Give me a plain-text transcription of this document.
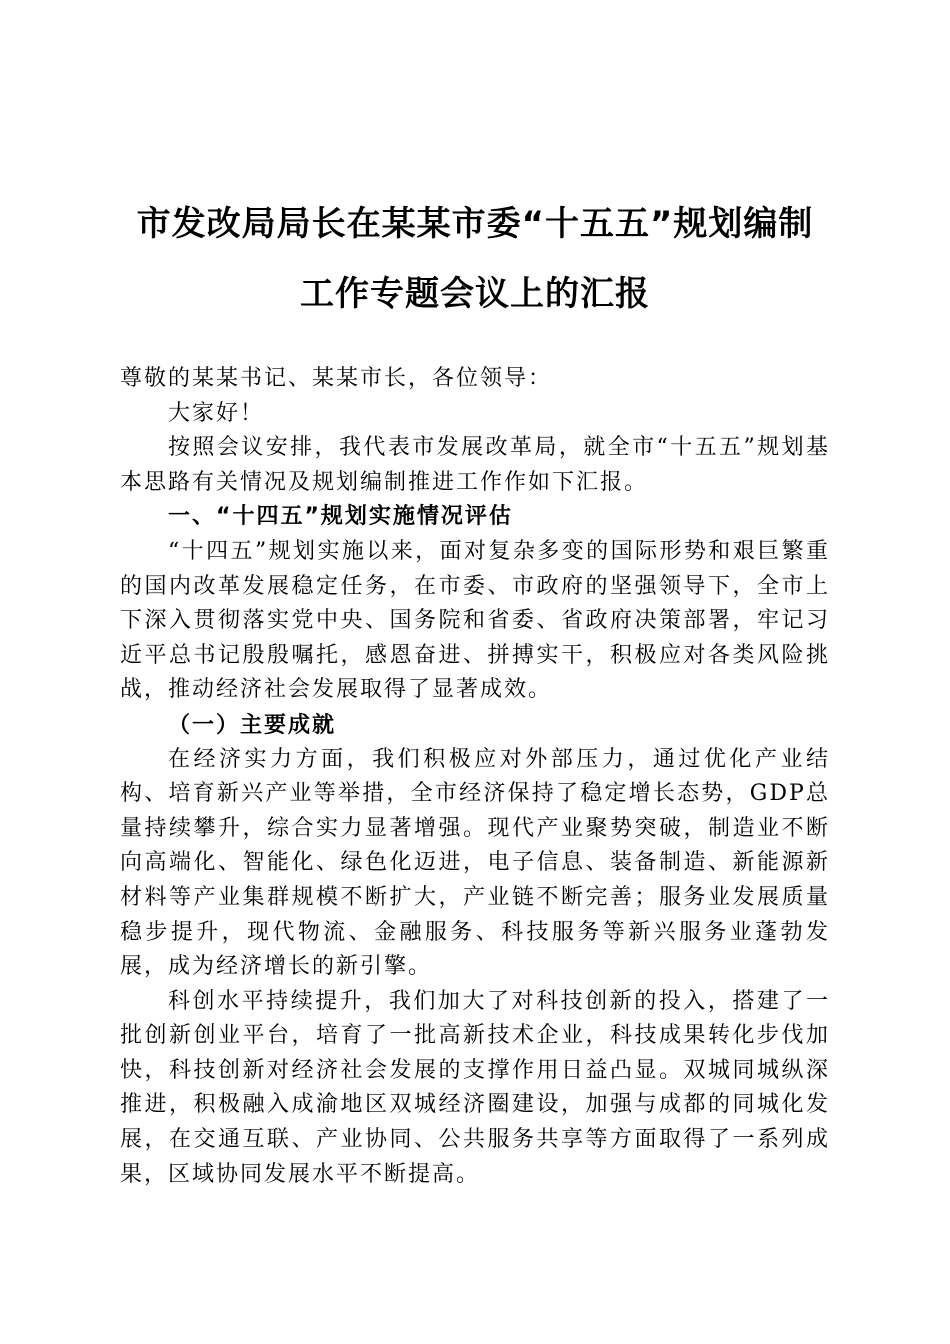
市发改局局长在某某市委“十五五”规划编制
工作专题会议上的汇报

尊敬的某某书记、某某市长，各位领导：

大家好！

按照会议安排，我代表市发展改革局，就全市“十五五”规划基本思路有关情况及规划编制推进工作作如下汇报。

一、“十四五”规划实施情况评估

“十四五”规划实施以来，面对复杂多变的国际形势和艰巨繁重的国内改革发展稳定任务，在市委、市政府的坚强领导下，全市上下深入贯彻落实党中央、国务院和省委、省政府决策部署，牢记习近平总书记殷殷嘱托，感恩奋进、拼搏实干，积极应对各类风险挑战，推动经济社会发展取得了显著成效。

（一）主要成就

在经济实力方面，我们积极应对外部压力，通过优化产业结构、培育新兴产业等举措，全市经济保持了稳定增长态势，GDP总量持续攀升，综合实力显著增强。现代产业聚势突破，制造业不断向高端化、智能化、绿色化迈进，电子信息、装备制造、新能源新材料等产业集群规模不断扩大，产业链不断完善；服务业发展质量稳步提升，现代物流、金融服务、科技服务等新兴服务业蓬勃发展，成为经济增长的新引擎。

科创水平持续提升，我们加大了对科技创新的投入，搭建了一批创新创业平台，培育了一批高新技术企业，科技成果转化步伐加快，科技创新对经济社会发展的支撑作用日益凸显。双城同城纵深推进，积极融入成渝地区双城经济圈建设，加强与成都的同城化发展，在交通互联、产业协同、公共服务共享等方面取得了一系列成果，区域协同发展水平不断提高。
